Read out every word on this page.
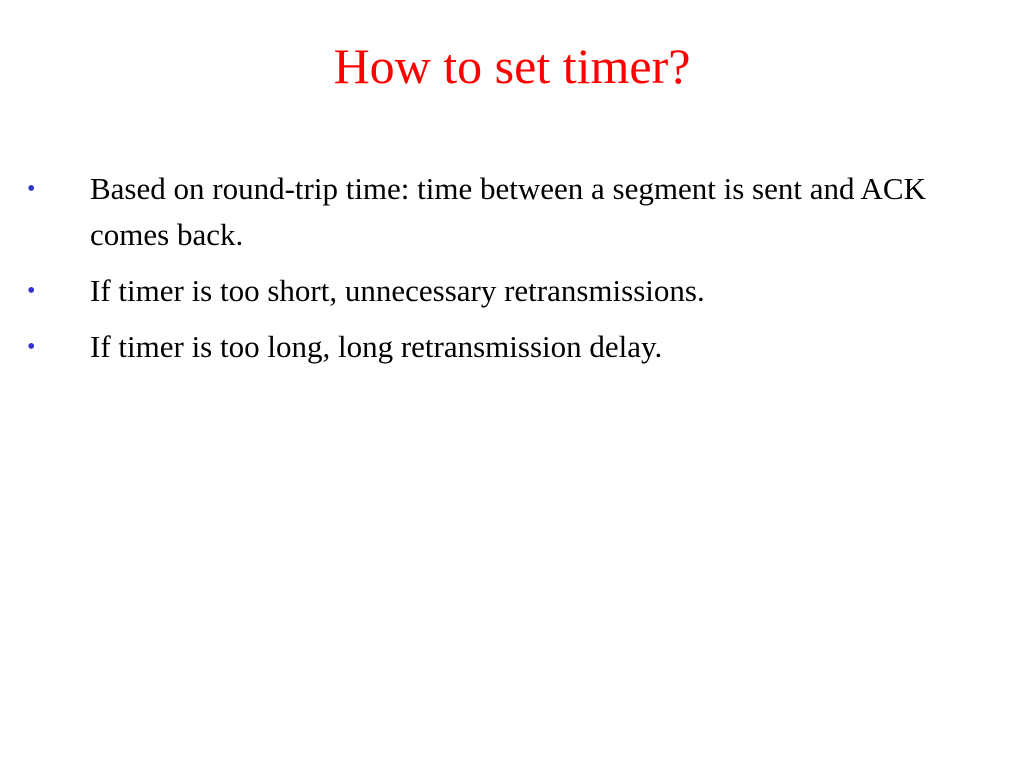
How to set timer?
• Based on round-trip time: time between a segment is sent and ACK comes back.
• If timer is too short, unnecessary retransmissions.
• If timer is too long, long retransmission delay.
